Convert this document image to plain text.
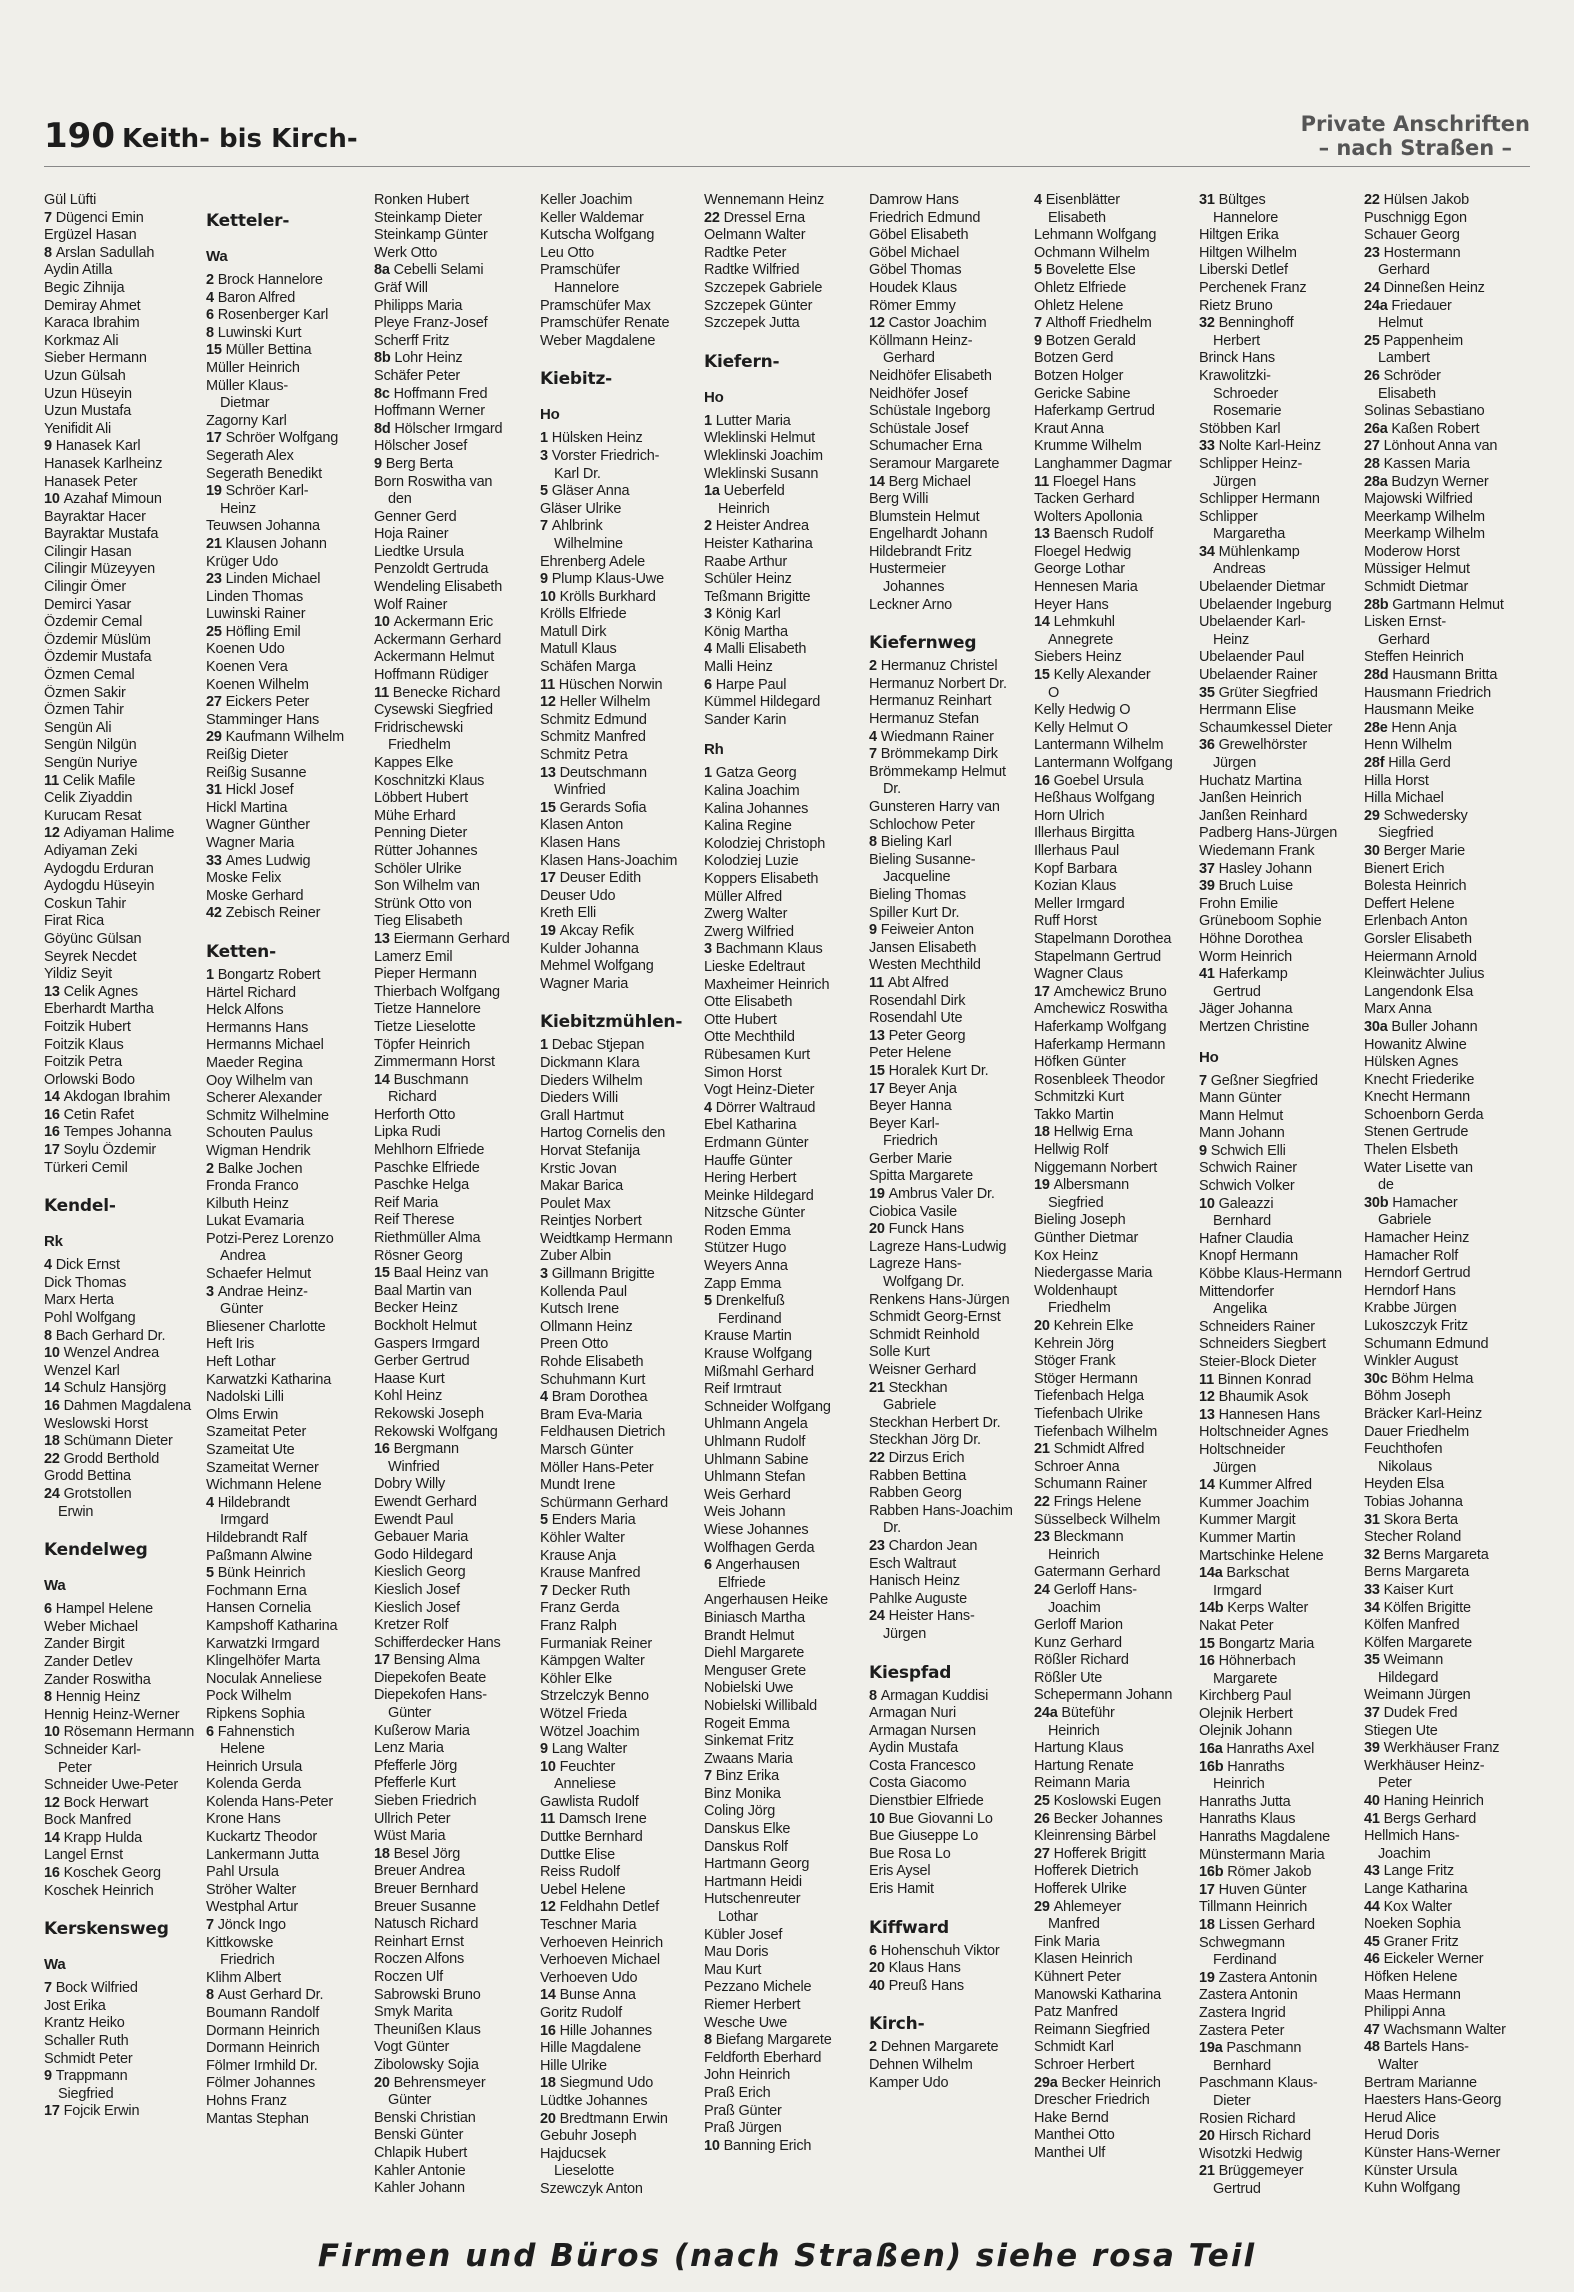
190 Keith- bis Kirch-	Private Anschriften
– nach Straßen –
Gül Lüfti
7 Dügenci Emin
Ergüzel Hasan
8 Arslan Sadullah
Aydin Atilla
Begic Zihnija
Demiray Ahmet
Karaca Ibrahim
Korkmaz Ali
Sieber Hermann
Uzun Gülsah
Uzun Hüseyin
Uzun Mustafa
Yenifidit Ali
9 Hanasek Karl
Hanasek Karlheinz
Hanasek Peter
10 Azahaf Mimoun
Bayraktar Hacer
Bayraktar Mustafa
Cilingir Hasan
Cilingir Müzeyyen
Cilingir Ömer
Demirci Yasar
Özdemir Cemal
Özdemir Müslüm
Özdemir Mustafa
Özmen Cemal
Özmen Sakir
Özmen Tahir
Sengün Ali
Sengün Nilgün
Sengün Nuriye
11 Celik Mafile
Celik Ziyaddin
Kurucam Resat
12 Adiyaman Halime
Adiyaman Zeki
Aydogdu Erduran
Aydogdu Hüseyin
Coskun Tahir
Firat Rica
Göyünc Gülsan
Seyrek Necdet
Yildiz Seyit
13 Celik Agnes
Eberhardt Martha
Foitzik Hubert
Foitzik Klaus
Foitzik Petra
Orlowski Bodo
14 Akdogan Ibrahim
16 Cetin Rafet
16 Tempes Johanna
17 Soylu Özdemir
Türkeri Cemil
Kendel-
Rk
4 Dick Ernst
Dick Thomas
Marx Herta
Pohl Wolfgang
8 Bach Gerhard Dr.
10 Wenzel Andrea
Wenzel Karl
14 Schulz Hansjörg
16 Dahmen Magdalena
Weslowski Horst
18 Schümann Dieter
22 Grodd Berthold
Grodd Bettina
24 Grotstollen
Erwin
Kendelweg
Wa
6 Hampel Helene
Weber Michael
Zander Birgit
Zander Detlev
Zander Roswitha
8 Hennig Heinz
Hennig Heinz-Werner
10 Rösemann Hermann
Schneider Karl-
Peter
Schneider Uwe-Peter
12 Bock Herwart
Bock Manfred
14 Krapp Hulda
Langel Ernst
16 Koschek Georg
Koschek Heinrich
Kerskensweg
Wa
7 Bock Wilfried
Jost Erika
Krantz Heiko
Schaller Ruth
Schmidt Peter
9 Trappmann
Siegfried
17 Fojcik Erwin
Ketteler-
Wa
2 Brock Hannelore
4 Baron Alfred
6 Rosenberger Karl
8 Luwinski Kurt
15 Müller Bettina
Müller Heinrich
Müller Klaus-
Dietmar
Zagorny Karl
17 Schröer Wolfgang
Segerath Alex
Segerath Benedikt
19 Schröer Karl-
Heinz
Teuwsen Johanna
21 Klausen Johann
Krüger Udo
23 Linden Michael
Linden Thomas
Luwinski Rainer
25 Höfling Emil
Koenen Udo
Koenen Vera
Koenen Wilhelm
27 Eickers Peter
Stamminger Hans
29 Kaufmann Wilhelm
Reißig Dieter
Reißig Susanne
31 Hickl Josef
Hickl Martina
Wagner Günther
Wagner Maria
33 Ames Ludwig
Moske Felix
Moske Gerhard
42 Zebisch Reiner
Ketten-
1 Bongartz Robert
Härtel Richard
Helck Alfons
Hermanns Hans
Hermanns Michael
Maeder Regina
Ooy Wilhelm van
Scherer Alexander
Schmitz Wilhelmine
Schouten Paulus
Wigman Hendrik
2 Balke Jochen
Fronda Franco
Kilbuth Heinz
Lukat Evamaria
Potzi-Perez Lorenzo
Andrea
Schaefer Helmut
3 Andrae Heinz-
Günter
Bliesener Charlotte
Heft Iris
Heft Lothar
Karwatzki Katharina
Nadolski Lilli
Olms Erwin
Szameitat Peter
Szameitat Ute
Szameitat Werner
Wichmann Helene
4 Hildebrandt
Irmgard
Hildebrandt Ralf
Paßmann Alwine
5 Bünk Heinrich
Fochmann Erna
Hansen Cornelia
Kampshoff Katharina
Karwatzki Irmgard
Klingelhöfer Marta
Noculak Anneliese
Pock Wilhelm
Ripkens Sophia
6 Fahnenstich
Helene
Heinrich Ursula
Kolenda Gerda
Kolenda Hans-Peter
Krone Hans
Kuckartz Theodor
Lankermann Jutta
Pahl Ursula
Ströher Walter
Westphal Artur
7 Jönck Ingo
Kittkowske
Friedrich
Klihm Albert
8 Aust Gerhard Dr.
Boumann Randolf
Dormann Heinrich
Dormann Heinrich
Fölmer Irmhild Dr.
Fölmer Johannes
Hohns Franz
Mantas Stephan
Ronken Hubert
Steinkamp Dieter
Steinkamp Günter
Werk Otto
8a Cebelli Selami
Gräf Will
Philipps Maria
Pleye Franz-Josef
Scherff Fritz
8b Lohr Heinz
Schäfer Peter
8c Hoffmann Fred
Hoffmann Werner
8d Hölscher Irmgard
Hölscher Josef
9 Berg Berta
Born Roswitha van
den
Genner Gerd
Hoja Rainer
Liedtke Ursula
Penzoldt Gertruda
Wendeling Elisabeth
Wolf Rainer
10 Ackermann Eric
Ackermann Gerhard
Ackermann Helmut
Hoffmann Rüdiger
11 Benecke Richard
Cysewski Siegfried
Fridrischewski
Friedhelm
Kappes Elke
Koschnitzki Klaus
Löbbert Hubert
Mühe Erhard
Penning Dieter
Rütter Johannes
Schöler Ulrike
Son Wilhelm van
Strünk Otto von
Tieg Elisabeth
13 Eiermann Gerhard
Lamerz Emil
Pieper Hermann
Thierbach Wolfgang
Tietze Hannelore
Tietze Lieselotte
Töpfer Heinrich
Zimmermann Horst
14 Buschmann
Richard
Herforth Otto
Lipka Rudi
Mehlhorn Elfriede
Paschke Elfriede
Paschke Helga
Reif Maria
Reif Therese
Riethmüller Alma
Rösner Georg
15 Baal Heinz van
Baal Martin van
Becker Heinz
Bockholt Helmut
Gaspers Irmgard
Gerber Gertrud
Haase Kurt
Kohl Heinz
Rekowski Joseph
Rekowski Wolfgang
16 Bergmann
Winfried
Dobry Willy
Ewendt Gerhard
Ewendt Paul
Gebauer Maria
Godo Hildegard
Kieslich Georg
Kieslich Josef
Kieslich Josef
Kretzer Rolf
Schifferdecker Hans
17 Bensing Alma
Diepekofen Beate
Diepekofen Hans-
Günter
Kußerow Maria
Lenz Maria
Pfefferle Jörg
Pfefferle Kurt
Sieben Friedrich
Ullrich Peter
Wüst Maria
18 Besel Jörg
Breuer Andrea
Breuer Bernhard
Breuer Susanne
Natusch Richard
Reinhart Ernst
Roczen Alfons
Roczen Ulf
Sabrowski Bruno
Smyk Marita
Theunißen Klaus
Vogt Günter
Zibolowsky Sojia
20 Behrensmeyer
Günter
Benski Christian
Benski Günter
Chlapik Hubert
Kahler Antonie
Kahler Johann
Keller Joachim
Keller Waldemar
Kutscha Wolfgang
Leu Otto
Pramschüfer
Hannelore
Pramschüfer Max
Pramschüfer Renate
Weber Magdalene
Kiebitz-
Ho
1 Hülsken Heinz
3 Vorster Friedrich-
Karl Dr.
5 Gläser Anna
Gläser Ulrike
7 Ahlbrink
Wilhelmine
Ehrenberg Adele
9 Plump Klaus-Uwe
10 Krölls Burkhard
Krölls Elfriede
Matull Dirk
Matull Klaus
Schäfen Marga
11 Hüschen Norwin
12 Heller Wilhelm
Schmitz Edmund
Schmitz Manfred
Schmitz Petra
13 Deutschmann
Winfried
15 Gerards Sofia
Klasen Anton
Klasen Hans
Klasen Hans-Joachim
17 Deuser Edith
Deuser Udo
Kreth Elli
19 Akcay Refik
Kulder Johanna
Mehmel Wolfgang
Wagner Maria
Kiebitzmühlen-
1 Debac Stjepan
Dickmann Klara
Dieders Wilhelm
Dieders Willi
Grall Hartmut
Hartog Cornelis den
Horvat Stefanija
Krstic Jovan
Makar Barica
Poulet Max
Reintjes Norbert
Weidtkamp Hermann
Zuber Albin
3 Gillmann Brigitte
Kollenda Paul
Kutsch Irene
Ollmann Heinz
Preen Otto
Rohde Elisabeth
Schuhmann Kurt
4 Bram Dorothea
Bram Eva-Maria
Feldhausen Dietrich
Marsch Günter
Möller Hans-Peter
Mundt Irene
Schürmann Gerhard
5 Enders Maria
Köhler Walter
Krause Anja
Krause Manfred
7 Decker Ruth
Franz Gerda
Franz Ralph
Furmaniak Reiner
Kämpgen Walter
Köhler Elke
Strzelczyk Benno
Wötzel Frieda
Wötzel Joachim
9 Lang Walter
10 Feuchter
Anneliese
Gawlista Rudolf
11 Damsch Irene
Duttke Bernhard
Duttke Elise
Reiss Rudolf
Uebel Helene
12 Feldhahn Detlef
Teschner Maria
Verhoeven Heinrich
Verhoeven Michael
Verhoeven Udo
14 Bunse Anna
Goritz Rudolf
16 Hille Johannes
Hille Magdalene
Hille Ulrike
18 Siegmund Udo
Lüdtke Johannes
20 Bredtmann Erwin
Gebuhr Joseph
Hajducsek
Lieselotte
Szewczyk Anton
Wennemann Heinz
22 Dressel Erna
Oelmann Walter
Radtke Peter
Radtke Wilfried
Szczepek Gabriele
Szczepek Günter
Szczepek Jutta
Kiefern-
Ho
1 Lutter Maria
Wleklinski Helmut
Wleklinski Joachim
Wleklinski Susann
1a Ueberfeld
Heinrich
2 Heister Andrea
Heister Katharina
Raabe Arthur
Schüler Heinz
Teßmann Brigitte
3 König Karl
König Martha
4 Malli Elisabeth
Malli Heinz
6 Harpe Paul
Kümmel Hildegard
Sander Karin
Rh
1 Gatza Georg
Kalina Joachim
Kalina Johannes
Kalina Regine
Kolodziej Christoph
Kolodziej Luzie
Koppers Elisabeth
Müller Alfred
Zwerg Walter
Zwerg Wilfried
3 Bachmann Klaus
Lieske Edeltraut
Maxheimer Heinrich
Otte Elisabeth
Otte Hubert
Otte Mechthild
Rübesamen Kurt
Simon Horst
Vogt Heinz-Dieter
4 Dörrer Waltraud
Ebel Katharina
Erdmann Günter
Hauffe Günter
Hering Herbert
Meinke Hildegard
Nitzsche Günter
Roden Emma
Stützer Hugo
Weyers Anna
Zapp Emma
5 Drenkelfuß
Ferdinand
Krause Martin
Krause Wolfgang
Mißmahl Gerhard
Reif Irmtraut
Schneider Wolfgang
Uhlmann Angela
Uhlmann Rudolf
Uhlmann Sabine
Uhlmann Stefan
Weis Gerhard
Weis Johann
Wiese Johannes
Wolfhagen Gerda
6 Angerhausen
Elfriede
Angerhausen Heike
Biniasch Martha
Brandt Helmut
Diehl Margarete
Menguser Grete
Nobielski Uwe
Nobielski Willibald
Rogeit Emma
Sinkemat Fritz
Zwaans Maria
7 Binz Erika
Binz Monika
Coling Jörg
Danskus Elke
Danskus Rolf
Hartmann Georg
Hartmann Heidi
Hutschenreuter
Lothar
Kübler Josef
Mau Doris
Mau Kurt
Pezzano Michele
Riemer Herbert
Wesche Uwe
8 Biefang Margarete
Feldforth Eberhard
John Heinrich
Praß Erich
Praß Günter
Praß Jürgen
10 Banning Erich
Damrow Hans
Friedrich Edmund
Göbel Elisabeth
Göbel Michael
Göbel Thomas
Houdek Klaus
Römer Emmy
12 Castor Joachim
Köllmann Heinz-
Gerhard
Neidhöfer Elisabeth
Neidhöfer Josef
Schüstale Ingeborg
Schüstale Josef
Schumacher Erna
Seramour Margarete
14 Berg Michael
Berg Willi
Blumstein Helmut
Engelhardt Johann
Hildebrandt Fritz
Hustermeier
Johannes
Leckner Arno
Kiefernweg
2 Hermanuz Christel
Hermanuz Norbert Dr.
Hermanuz Reinhart
Hermanuz Stefan
4 Wiedmann Rainer
7 Brömmekamp Dirk
Brömmekamp Helmut
Dr.
Gunsteren Harry van
Schlochow Peter
8 Bieling Karl
Bieling Susanne-
Jacqueline
Bieling Thomas
Spiller Kurt Dr.
9 Feiweier Anton
Jansen Elisabeth
Westen Mechthild
11 Abt Alfred
Rosendahl Dirk
Rosendahl Ute
13 Peter Georg
Peter Helene
15 Horalek Kurt Dr.
17 Beyer Anja
Beyer Hanna
Beyer Karl-
Friedrich
Gerber Marie
Spitta Margarete
19 Ambrus Valer Dr.
Ciobica Vasile
20 Funck Hans
Lagreze Hans-Ludwig
Lagreze Hans-
Wolfgang Dr.
Renkens Hans-Jürgen
Schmidt Georg-Ernst
Schmidt Reinhold
Solle Kurt
Weisner Gerhard
21 Steckhan
Gabriele
Steckhan Herbert Dr.
Steckhan Jörg Dr.
22 Dirzus Erich
Rabben Bettina
Rabben Georg
Rabben Hans-Joachim
Dr.
23 Chardon Jean
Esch Waltraut
Hanisch Heinz
Pahlke Auguste
24 Heister Hans-
Jürgen
Kiespfad
8 Armagan Kuddisi
Armagan Nuri
Armagan Nursen
Aydin Mustafa
Costa Francesco
Costa Giacomo
Dienstbier Elfriede
10 Bue Giovanni Lo
Bue Giuseppe Lo
Bue Rosa Lo
Eris Aysel
Eris Hamit
Kiffward
6 Hohenschuh Viktor
20 Klaus Hans
40 Preuß Hans
Kirch-
2 Dehnen Margarete
Dehnen Wilhelm
Kamper Udo
4 Eisenblätter
Elisabeth
Lehmann Wolfgang
Ochmann Wilhelm
5 Bovelette Else
Ohletz Elfriede
Ohletz Helene
7 Althoff Friedhelm
9 Botzen Gerald
Botzen Gerd
Botzen Holger
Gericke Sabine
Haferkamp Gertrud
Kraut Anna
Krumme Wilhelm
Langhammer Dagmar
11 Floegel Hans
Tacken Gerhard
Wolters Apollonia
13 Baensch Rudolf
Floegel Hedwig
George Lothar
Hennesen Maria
Heyer Hans
14 Lehmkuhl
Annegrete
Siebers Heinz
15 Kelly Alexander
O
Kelly Hedwig O
Kelly Helmut O
Lantermann Wilhelm
Lantermann Wolfgang
16 Goebel Ursula
Heßhaus Wolfgang
Horn Ulrich
Illerhaus Birgitta
Illerhaus Paul
Kopf Barbara
Kozian Klaus
Meller Irmgard
Ruff Horst
Stapelmann Dorothea
Stapelmann Gertrud
Wagner Claus
17 Amchewicz Bruno
Amchewicz Roswitha
Haferkamp Wolfgang
Haferkamp Hermann
Höfken Günter
Rosenbleek Theodor
Schmitzki Kurt
Takko Martin
18 Hellwig Erna
Hellwig Rolf
Niggemann Norbert
19 Albersmann
Siegfried
Bieling Joseph
Günther Dietmar
Kox Heinz
Niedergasse Maria
Woldenhaupt
Friedhelm
20 Kehrein Elke
Kehrein Jörg
Stöger Frank
Stöger Hermann
Tiefenbach Helga
Tiefenbach Ulrike
Tiefenbach Wilhelm
21 Schmidt Alfred
Schroer Anna
Schumann Rainer
22 Frings Helene
Süsselbeck Wilhelm
23 Bleckmann
Heinrich
Gatermann Gerhard
24 Gerloff Hans-
Joachim
Gerloff Marion
Kunz Gerhard
Rößler Richard
Rößler Ute
Schepermann Johann
24a Büteführ
Heinrich
Hartung Klaus
Hartung Renate
Reimann Maria
25 Koslowski Eugen
26 Becker Johannes
Kleinrensing Bärbel
27 Hofferek Brigitt
Hofferek Dietrich
Hofferek Ulrike
29 Ahlemeyer
Manfred
Fink Maria
Klasen Heinrich
Kühnert Peter
Manowski Katharina
Patz Manfred
Reimann Siegfried
Schmidt Karl
Schroer Herbert
29a Becker Heinrich
Drescher Friedrich
Hake Bernd
Manthei Otto
Manthei Ulf
31 Bültges
Hannelore
Hiltgen Erika
Hiltgen Wilhelm
Liberski Detlef
Perchenek Franz
Rietz Bruno
32 Benninghoff
Herbert
Brinck Hans
Krawolitzki-
Schroeder
Rosemarie
Stöbben Karl
33 Nolte Karl-Heinz
Schlipper Heinz-
Jürgen
Schlipper Hermann
Schlipper
Margaretha
34 Mühlenkamp
Andreas
Ubelaender Dietmar
Ubelaender Ingeburg
Ubelaender Karl-
Heinz
Ubelaender Paul
Ubelaender Rainer
35 Grüter Siegfried
Herrmann Elise
Schaumkessel Dieter
36 Grewelhörster
Jürgen
Huchatz Martina
Janßen Heinrich
Janßen Reinhard
Padberg Hans-Jürgen
Wiedemann Frank
37 Hasley Johann
39 Bruch Luise
Frohn Emilie
Grüneboom Sophie
Höhne Dorothea
Worm Heinrich
41 Haferkamp
Gertrud
Jäger Johanna
Mertzen Christine
Ho
7 Geßner Siegfried
Mann Günter
Mann Helmut
Mann Johann
9 Schwich Elli
Schwich Rainer
Schwich Volker
10 Galeazzi
Bernhard
Hafner Claudia
Knopf Hermann
Köbbe Klaus-Hermann
Mittendorfer
Angelika
Schneiders Rainer
Schneiders Siegbert
Steier-Block Dieter
11 Binnen Konrad
12 Bhaumik Asok
13 Hannesen Hans
Holtschneider Agnes
Holtschneider
Jürgen
14 Kummer Alfred
Kummer Joachim
Kummer Margit
Kummer Martin
Martschinke Helene
14a Barkschat
Irmgard
14b Kerps Walter
Nakat Peter
15 Bongartz Maria
16 Höhnerbach
Margarete
Kirchberg Paul
Olejnik Herbert
Olejnik Johann
16a Hanraths Axel
16b Hanraths
Heinrich
Hanraths Jutta
Hanraths Klaus
Hanraths Magdalene
Münstermann Maria
16b Römer Jakob
17 Huven Günter
Tillmann Heinrich
18 Lissen Gerhard
Schwegmann
Ferdinand
19 Zastera Antonin
Zastera Antonin
Zastera Ingrid
Zastera Peter
19a Paschmann
Bernhard
Paschmann Klaus-
Dieter
Rosien Richard
20 Hirsch Richard
Wisotzki Hedwig
21 Brüggemeyer
Gertrud
22 Hülsen Jakob
Puschnigg Egon
Schauer Georg
23 Hostermann
Gerhard
24 Dinneßen Heinz
24a Friedauer
Helmut
25 Pappenheim
Lambert
26 Schröder
Elisabeth
Solinas Sebastiano
26a Kaßen Robert
27 Lönhout Anna van
28 Kassen Maria
28a Budzyn Werner
Majowski Wilfried
Meerkamp Wilhelm
Meerkamp Wilhelm
Moderow Horst
Müssiger Helmut
Schmidt Dietmar
28b Gartmann Helmut
Lisken Ernst-
Gerhard
Steffen Heinrich
28d Hausmann Britta
Hausmann Friedrich
Hausmann Meike
28e Henn Anja
Henn Wilhelm
28f Hilla Gerd
Hilla Horst
Hilla Michael
29 Schwedersky
Siegfried
30 Berger Marie
Bienert Erich
Bolesta Heinrich
Deffert Helene
Erlenbach Anton
Gorsler Elisabeth
Heiermann Arnold
Kleinwächter Julius
Langendonk Elsa
Marx Anna
30a Buller Johann
Howanitz Alwine
Hülsken Agnes
Knecht Friederike
Knecht Hermann
Schoenborn Gerda
Stenen Gertrude
Thelen Elsbeth
Water Lisette van
de
30b Hamacher
Gabriele
Hamacher Heinz
Hamacher Rolf
Herndorf Gertrud
Herndorf Hans
Krabbe Jürgen
Lukoszczyk Fritz
Schumann Edmund
Winkler August
30c Böhm Helma
Böhm Joseph
Bräcker Karl-Heinz
Dauer Friedhelm
Feuchthofen
Nikolaus
Heyden Elsa
Tobias Johanna
31 Skora Berta
Stecher Roland
32 Berns Margareta
Berns Margareta
33 Kaiser Kurt
34 Kölfen Brigitte
Kölfen Manfred
Kölfen Margarete
35 Weimann
Hildegard
Weimann Jürgen
37 Dudek Fred
Stiegen Ute
39 Werkhäuser Franz
Werkhäuser Heinz-
Peter
40 Haning Heinrich
41 Bergs Gerhard
Hellmich Hans-
Joachim
43 Lange Fritz
Lange Katharina
44 Kox Walter
Noeken Sophia
45 Graner Fritz
46 Eickeler Werner
Höfken Helene
Maas Hermann
Philippi Anna
47 Wachsmann Walter
48 Bartels Hans-
Walter
Bertram Marianne
Haesters Hans-Georg
Herud Alice
Herud Doris
Künster Hans-Werner
Künster Ursula
Kuhn Wolfgang
Firmen und Büros (nach Straßen) siehe rosa Teil
